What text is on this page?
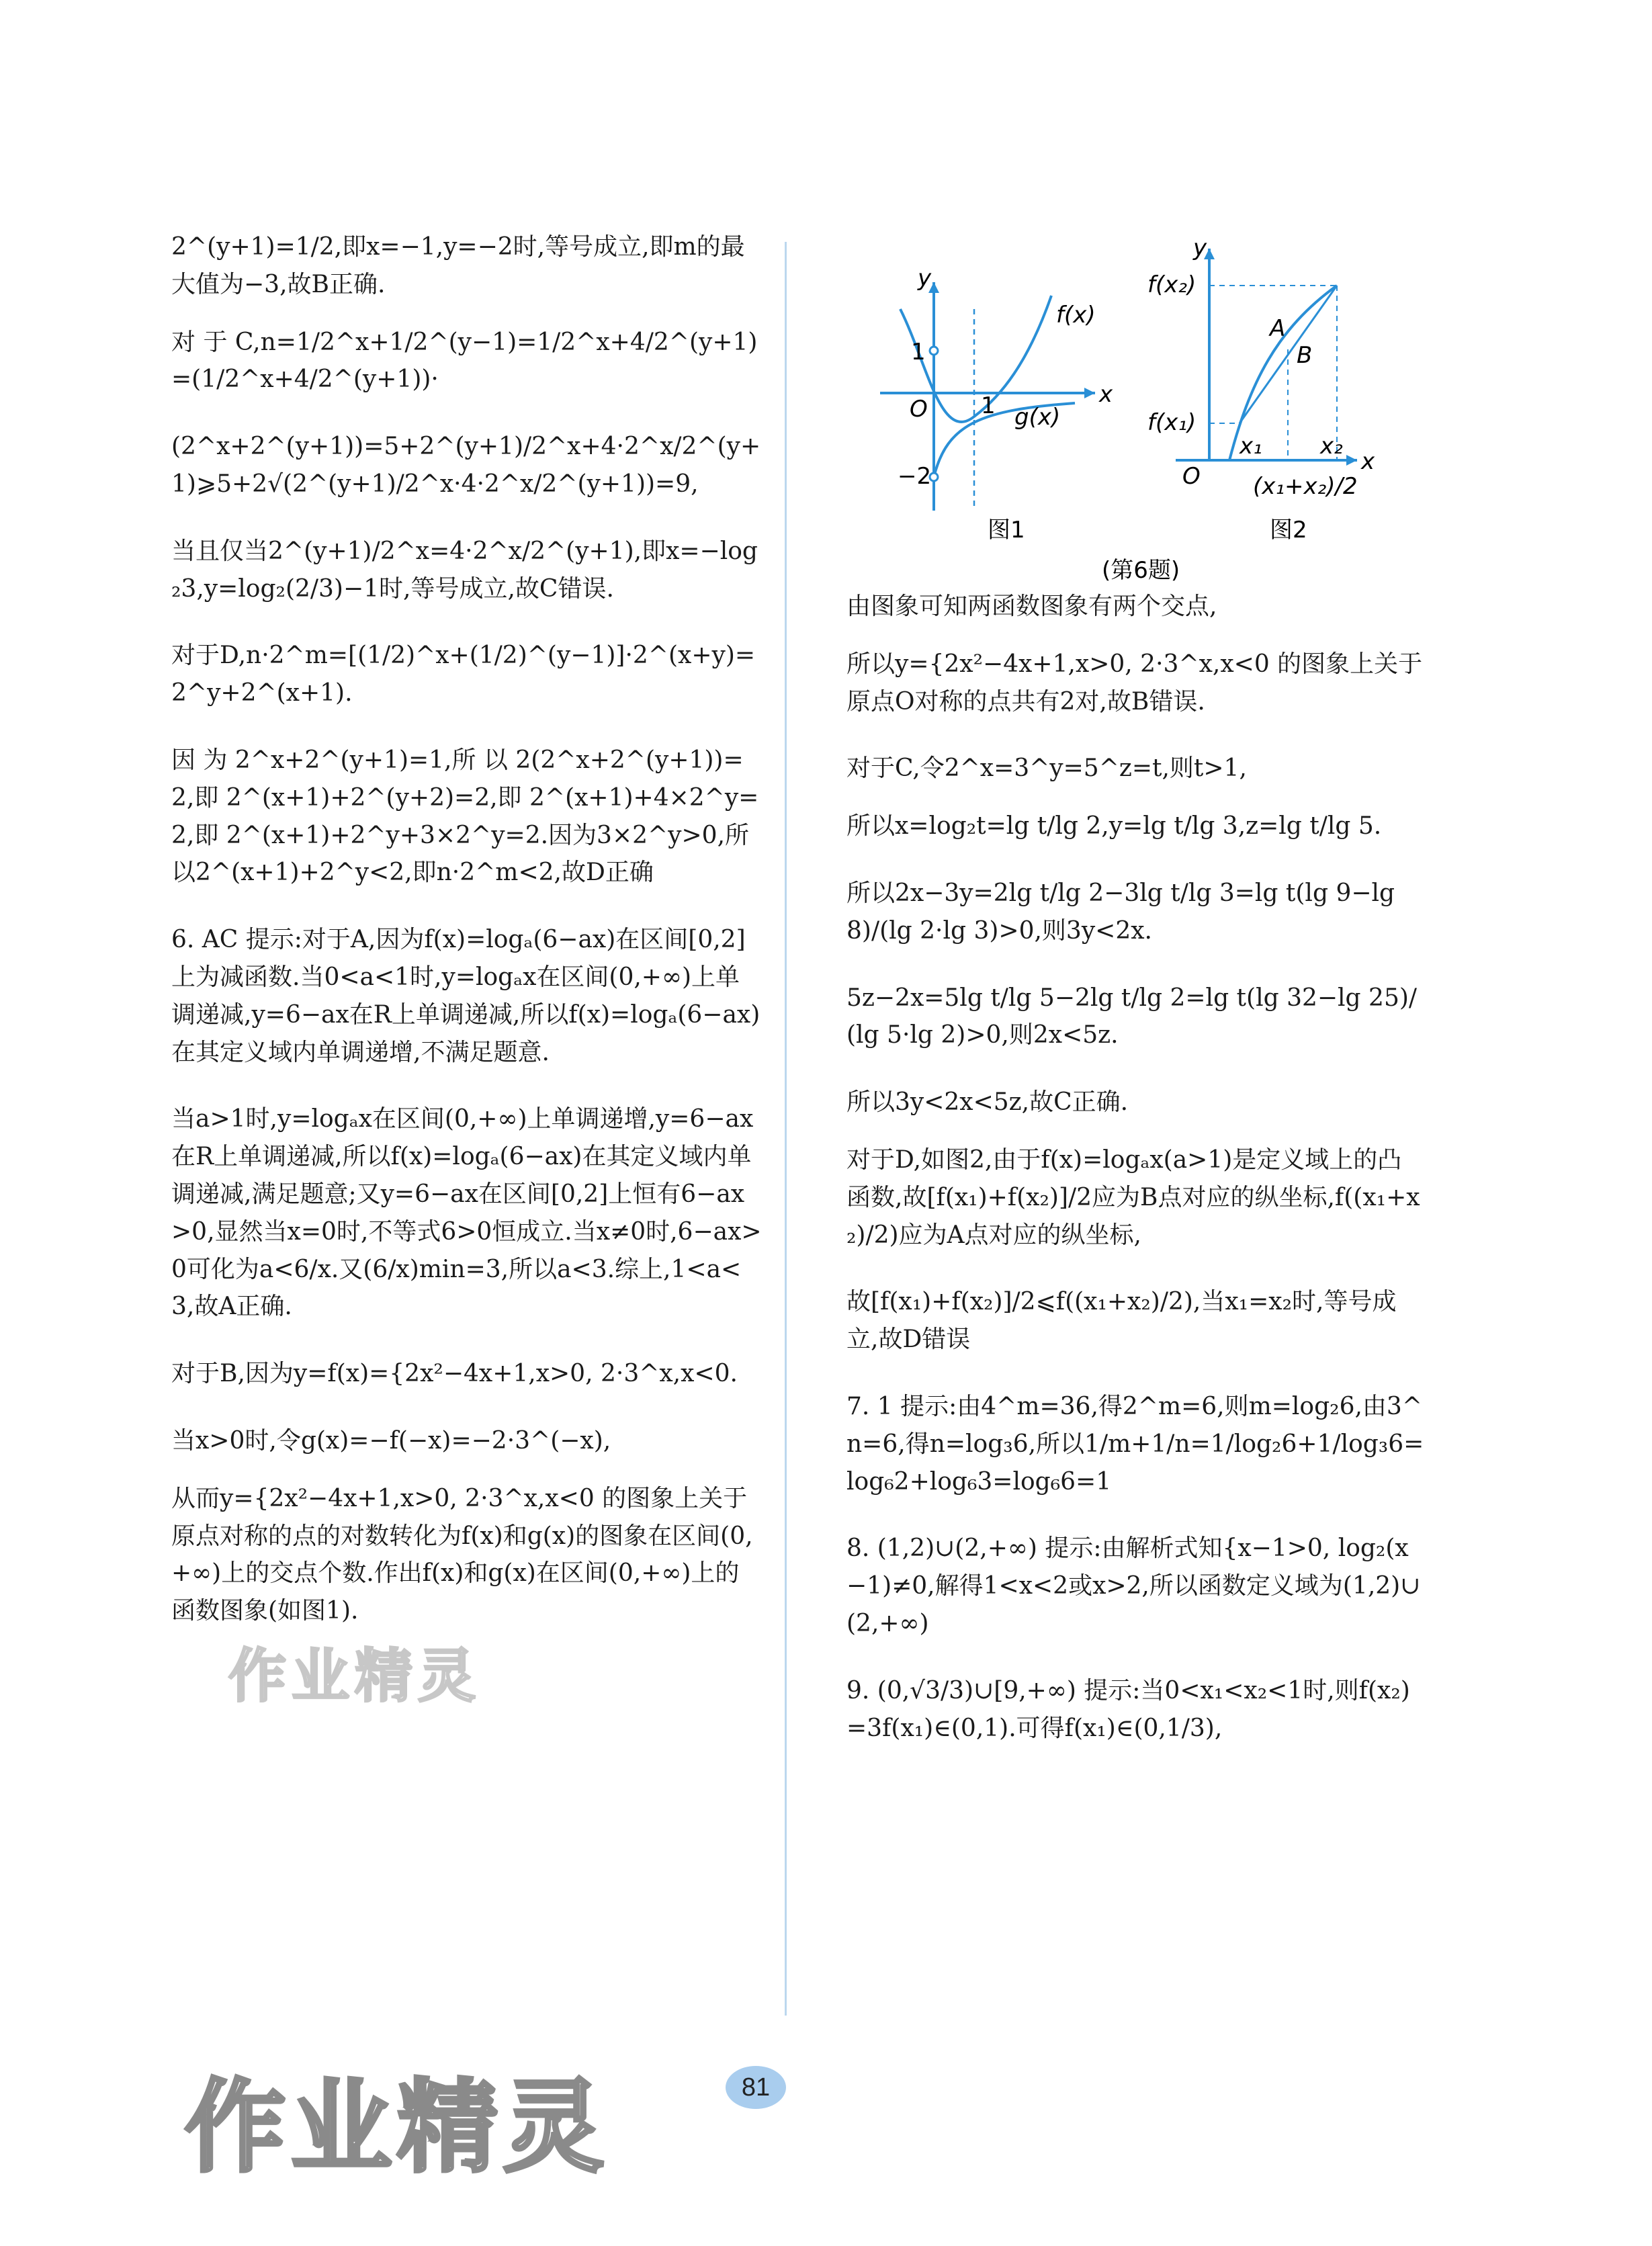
2^(y+1)=1/2,即x=−1,y=−2时,等号成立,即m的最大值为−3,故B正确.

对 于 C,n=1/2^x+1/2^(y−1)=1/2^x+4/2^(y+1)=(1/2^x+4/2^(y+1))·

(2^x+2^(y+1))=5+2^(y+1)/2^x+4·2^x/2^(y+1)⩾5+2√(2^(y+1)/2^x·4·2^x/2^(y+1))=9,

当且仅当2^(y+1)/2^x=4·2^x/2^(y+1),即x=−log₂3,y=log₂(2/3)−1时,等号成立,故C错误.

对于D,n·2^m=[(1/2)^x+(1/2)^(y−1)]·2^(x+y)=2^y+2^(x+1).

因 为 2^x+2^(y+1)=1,所 以 2(2^x+2^(y+1))=2,即 2^(x+1)+2^(y+2)=2,即 2^(x+1)+4×2^y=2,即 2^(x+1)+2^y+3×2^y=2.因为3×2^y>0,所以2^(x+1)+2^y<2,即n·2^m<2,故D正确

6. AC 提示:对于A,因为f(x)=logₐ(6−ax)在区间[0,2]上为减函数.当0<a<1时,y=logₐx在区间(0,+∞)上单调递减,y=6−ax在R上单调递减,所以f(x)=logₐ(6−ax)在其定义域内单调递增,不满足题意.

当a>1时,y=logₐx在区间(0,+∞)上单调递增,y=6−ax在R上单调递减,所以f(x)=logₐ(6−ax)在其定义域内单调递减,满足题意;又y=6−ax在区间[0,2]上恒有6−ax>0,显然当x=0时,不等式6>0恒成立.当x≠0时,6−ax>0可化为a<6/x.又(6/x)min=3,所以a<3.综上,1<a<3,故A正确.

对于B,因为y=f(x)={2x²−4x+1,x>0, 2·3^x,x<0.

当x>0时,令g(x)=−f(−x)=−2·3^(−x),

从而y={2x²−4x+1,x>0, 2·3^x,x<0 的图象上关于原点对称的点的对数转化为f(x)和g(x)的图象在区间(0,+∞)上的交点个数.作出f(x)和g(x)在区间(0,+∞)上的函数图象(如图1).

y
x
O
1
1
−2
f(x)
g(x)
图1
y
x
O
f(x₂)
f(x₁)
A
B
x₁	x₂
(x₁+x₂)/2
图2
(第6题)

由图象可知两函数图象有两个交点,

所以y={2x²−4x+1,x>0, 2·3^x,x<0 的图象上关于原点O对称的点共有2对,故B错误.

对于C,令2^x=3^y=5^z=t,则t>1,

所以x=log₂t=lg t/lg 2,y=lg t/lg 3,z=lg t/lg 5.

所以2x−3y=2lg t/lg 2−3lg t/lg 3=lg t(lg 9−lg 8)/(lg 2·lg 3)>0,则3y<2x.

5z−2x=5lg t/lg 5−2lg t/lg 2=lg t(lg 32−lg 25)/(lg 5·lg 2)>0,则2x<5z.

所以3y<2x<5z,故C正确.

对于D,如图2,由于f(x)=logₐx(a>1)是定义域上的凸函数,故[f(x₁)+f(x₂)]/2应为B点对应的纵坐标,f((x₁+x₂)/2)应为A点对应的纵坐标,

故[f(x₁)+f(x₂)]/2⩽f((x₁+x₂)/2),当x₁=x₂时,等号成立,故D错误

7. 1 提示:由4^m=36,得2^m=6,则m=log₂6,由3^n=6,得n=log₃6,所以1/m+1/n=1/log₂6+1/log₃6=log₆2+log₆3=log₆6=1

8. (1,2)∪(2,+∞) 提示:由解析式知{x−1>0, log₂(x−1)≠0,解得1<x<2或x>2,所以函数定义域为(1,2)∪(2,+∞)

9. (0,√3/3)∪[9,+∞) 提示:当0<x₁<x₂<1时,则f(x₂)=3f(x₁)∈(0,1).可得f(x₁)∈(0,1/3),

作业精灵
作业精灵	81
